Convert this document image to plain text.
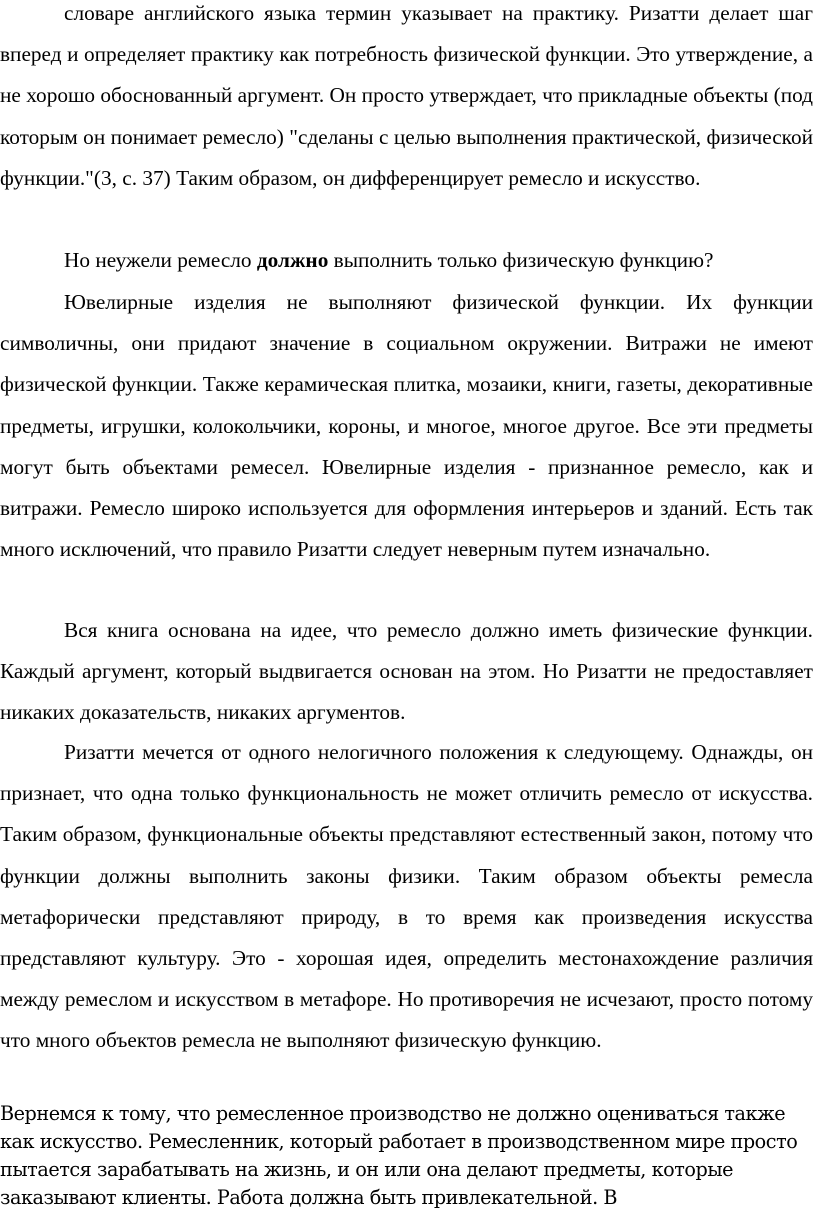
словаре английского языка термин указывает на практику. Ризатти делает шаг вперед и определяет практику как потребность физической функции. Это утверждение, а не хорошо обоснованный аргумент. Он просто утверждает, что прикладные объекты (под которым он понимает ремесло) "сделаны с целью выполнения практической, физической функции."(3, с. 37) Таким образом, он дифференцирует ремесло и искусство.

Но неужели ремесло должно выполнить только физическую функцию?

Ювелирные изделия не выполняют физической функции. Их функции символичны, они придают значение в социальном окружении. Витражи не имеют физической функции. Также керамическая плитка, мозаики, книги, газеты, декоративные предметы, игрушки, колокольчики, короны, и многое, многое другое. Все эти предметы могут быть объектами ремесел. Ювелирные изделия - признанное ремесло, как и витражи. Ремесло широко используется для оформления интерьеров и зданий. Есть так много исключений, что правило Ризатти следует неверным путем изначально.

Вся книга основана на идее, что ремесло должно иметь физические функции. Каждый аргумент, который выдвигается основан на этом. Но Ризатти не предоставляет никаких доказательств, никаких аргументов.

Ризатти мечется от одного нелогичного положения к следующему. Однажды, он признает, что одна только функциональность не может отличить ремесло от искусства. Таким образом, функциональные объекты представляют естественный закон, потому что функции должны выполнить законы физики. Таким образом объекты ремесла метафорически представляют природу, в то время как произведения искусства представляют культуру. Это - хорошая идея, определить местонахождение различия между ремеслом и искусством в метафоре. Но противоречия не исчезают, просто потому что много объектов ремесла не выполняют физическую функцию.

Вернемся к тому, что ремесленное производство не должно оцениваться также как искусство. Ремесленник, который работает в производственном мире просто пытается зарабатывать на жизнь, и он или она делают предметы, которые заказывают клиенты. Работа должна быть привлекательной. В
